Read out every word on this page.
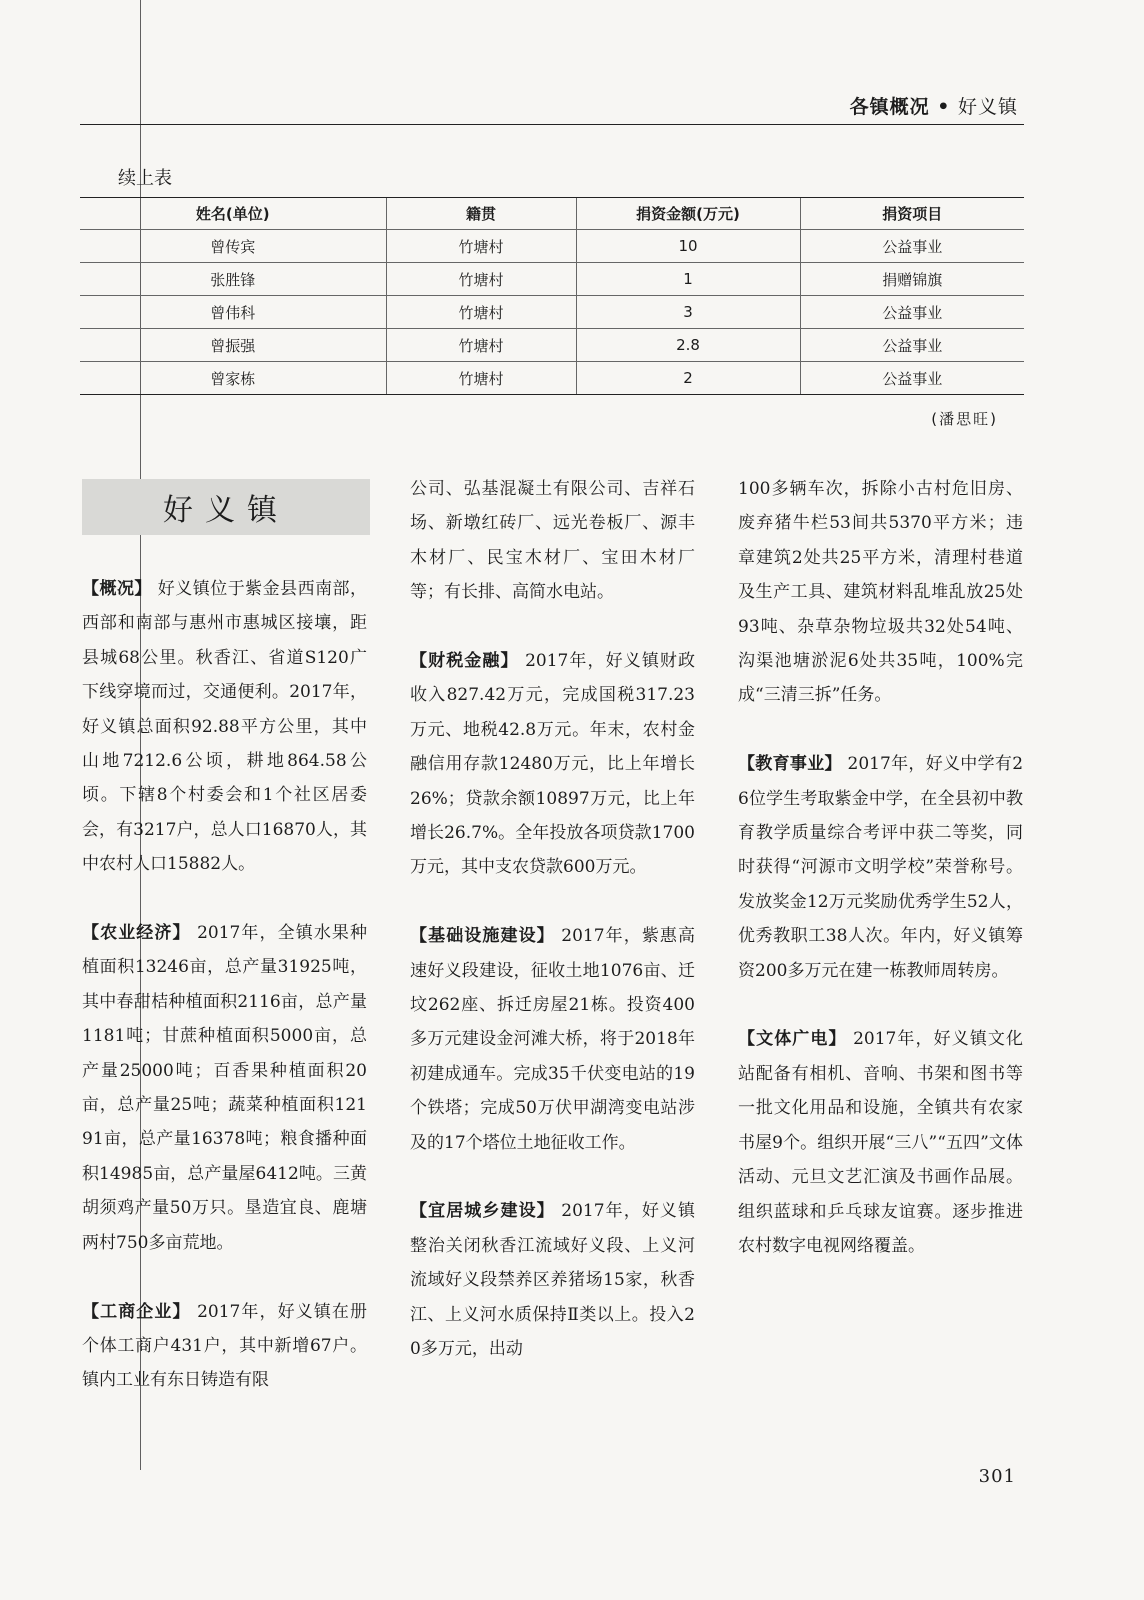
各镇概况 • 好义镇
续上表
姓名(单位)	籍贯	捐资金额(万元)	捐资项目
曾传宾	竹塘村	10	公益事业
张胜锋	竹塘村	1	捐赠锦旗
曾伟科	竹塘村	3	公益事业
曾振强	竹塘村	2.8	公益事业
曾家栋	竹塘村	2	公益事业
(潘思旺)
好义镇

【概况】 好义镇位于紫金县西南部，西部和南部与惠州市惠城区接壤，距县城68公里。秋香江、省道S120广下线穿境而过，交通便利。2017年，好义镇总面积92.88平方公里，其中山地7212.6公顷，耕地864.58公顷。下辖8个村委会和1个社区居委会，有3217户，总人口16870人，其中农村人口15882人。

【农业经济】 2017年，全镇水果种植面积13246亩，总产量31925吨，其中春甜桔种植面积2116亩，总产量1181吨；甘蔗种植面积5000亩，总产量25000吨；百香果种植面积20亩，总产量25吨；蔬菜种植面积12191亩，总产量16378吨；粮食播种面积14985亩，总产量屋6412吨。三黄胡须鸡产量50万只。垦造宜良、鹿塘两村750多亩荒地。

【工商企业】 2017年，好义镇在册个体工商户431户，其中新增67户。镇内工业有东日铸造有限

公司、弘基混凝土有限公司、吉祥石场、新墩红砖厂、远光卷板厂、源丰木材厂、民宝木材厂、宝田木材厂等；有长排、高简水电站。

【财税金融】 2017年，好义镇财政收入827.42万元，完成国税317.23万元、地税42.8万元。年末，农村金融信用存款12480万元，比上年增长26%；贷款余额10897万元，比上年增长26.7%。全年投放各项贷款1700万元，其中支农贷款600万元。

【基础设施建设】 2017年，紫惠高速好义段建设，征收土地1076亩、迁坟262座、拆迁房屋21栋。投资400多万元建设金河滩大桥，将于2018年初建成通车。完成35千伏变电站的19个铁塔；完成50万伏甲湖湾变电站涉及的17个塔位土地征收工作。

【宜居城乡建设】 2017年，好义镇整治关闭秋香江流域好义段、上义河流域好义段禁养区养猪场15家，秋香江、上义河水质保持Ⅱ类以上。投入20多万元，出动

100多辆车次，拆除小古村危旧房、废弃猪牛栏53间共5370平方米；违章建筑2处共25平方米，清理村巷道及生产工具、建筑材料乱堆乱放25处93吨、杂草杂物垃圾共32处54吨、沟渠池塘淤泥6处共35吨，100%完成“三清三拆”任务。

【教育事业】 2017年，好义中学有26位学生考取紫金中学，在全县初中教育教学质量综合考评中获二等奖，同时获得“河源市文明学校”荣誉称号。发放奖金12万元奖励优秀学生52人，优秀教职工38人次。年内，好义镇筹资200多万元在建一栋教师周转房。

【文体广电】 2017年，好义镇文化站配备有相机、音响、书架和图书等一批文化用品和设施，全镇共有农家书屋9个。组织开展“三八”“五四”文体活动、元旦文艺汇演及书画作品展。组织蓝球和乒乓球友谊赛。逐步推进农村数字电视网络覆盖。

301
